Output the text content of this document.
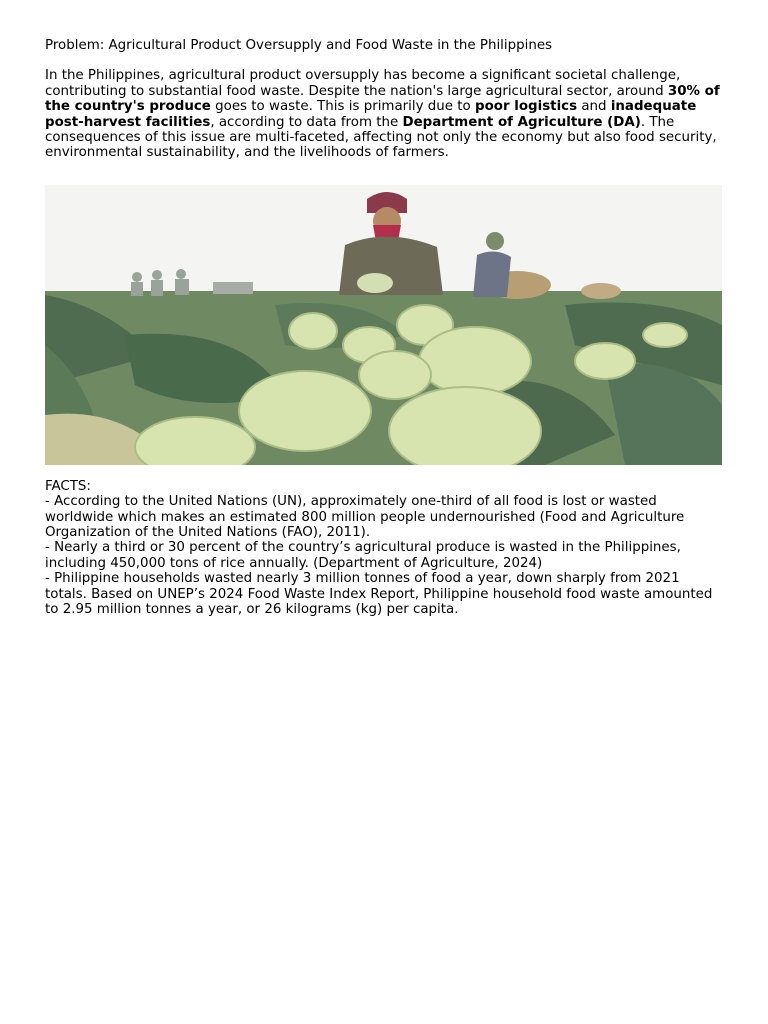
Problem: Agricultural Product Oversupply and Food Waste in the Philippines

In the Philippines, agricultural product oversupply has become a significant societal challenge, contributing to substantial food waste. Despite the nation's large agricultural sector, around 30% of the country's produce goes to waste. This is primarily due to poor logistics and inadequate post-harvest facilities, according to data from the Department of Agriculture (DA). The consequences of this issue are multi-faceted, affecting not only the economy but also food security, environmental sustainability, and the livelihoods of farmers.

FACTS:
- According to the United Nations (UN), approximately one-third of all food is lost or wasted
worldwide which makes an estimated 800 million people undernourished (Food and Agriculture Organization of the United Nations (FAO), 2011).
- Nearly a third or 30 percent of the country’s agricultural produce is wasted in the Philippines, including 450,000 tons of rice annually. (Department of Agriculture, 2024)
- Philippine households wasted nearly 3 million tonnes of food a year, down sharply from 2021 totals. Based on UNEP’s 2024 Food Waste Index Report, Philippine household food waste amounted to 2.95 million tonnes a year, or 26 kilograms (kg) per capita.
